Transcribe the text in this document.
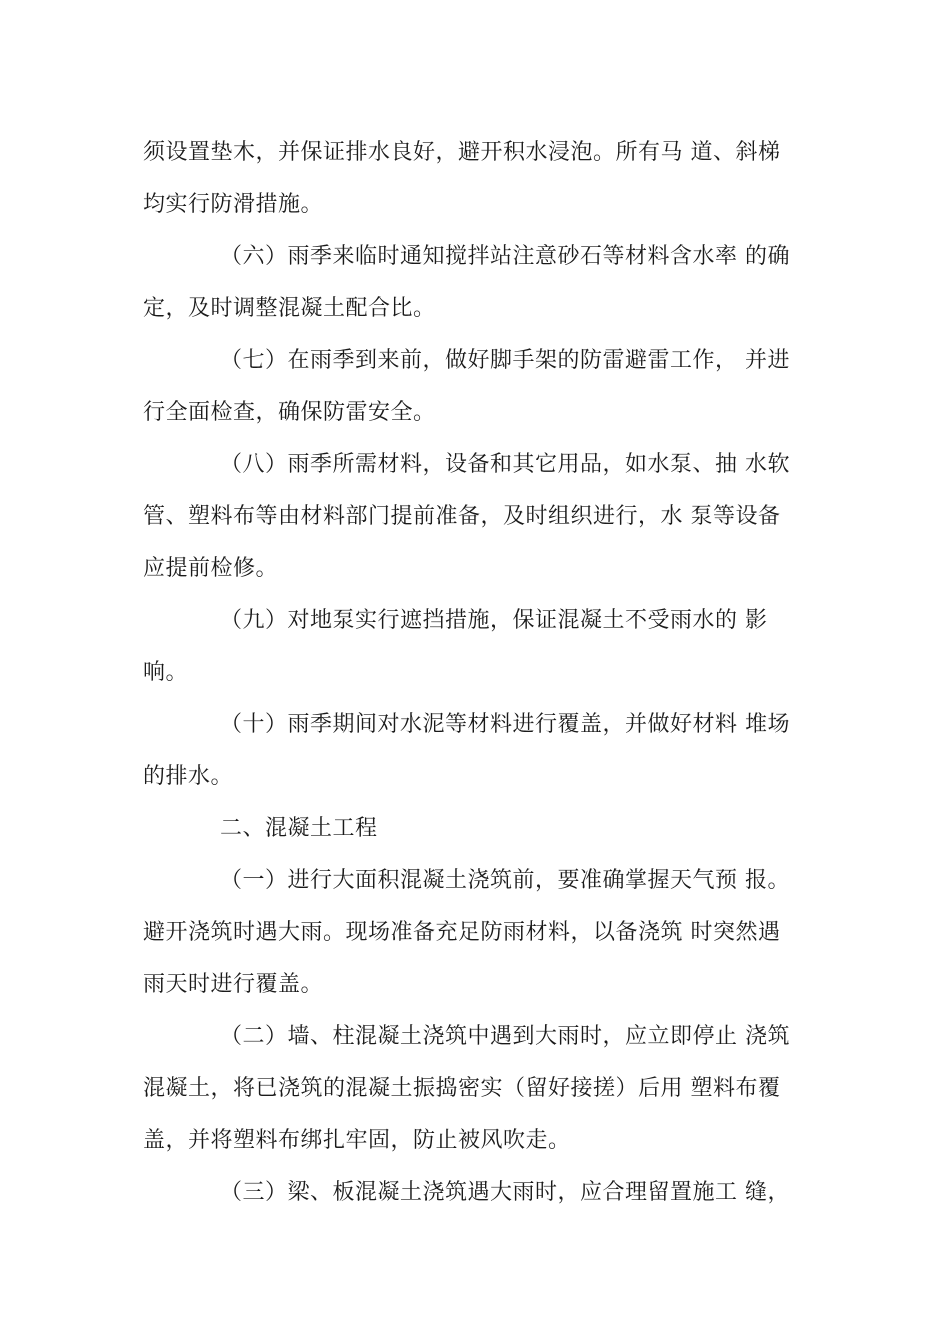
须设置垫木，并保证排水良好，避开积水浸泡。所有马 道、斜梯
均实行防滑措施。
（六）雨季来临时通知搅拌站注意砂石等材料含水率 的确
定，及时调整混凝土配合比。
（七）在雨季到来前，做好脚手架的防雷避雷工作， 并进
行全面检查，确保防雷安全。
（八）雨季所需材料，设备和其它用品，如水泵、抽 水软
管、塑料布等由材料部门提前准备，及时组织进行，水 泵等设备
应提前检修。
（九）对地泵实行遮挡措施，保证混凝土不受雨水的 影
响。
（十）雨季期间对水泥等材料进行覆盖，并做好材料 堆场
的排水。
二、混凝土工程
（一）进行大面积混凝土浇筑前，要准确掌握天气预 报。
避开浇筑时遇大雨。现场准备充足防雨材料，以备浇筑 时突然遇
雨天时进行覆盖。
（二）墙、柱混凝土浇筑中遇到大雨时，应立即停止 浇筑
混凝土，将已浇筑的混凝土振捣密实（留好接搓）后用 塑料布覆
盖，并将塑料布绑扎牢固，防止被风吹走。
（三）梁、板混凝土浇筑遇大雨时，应合理留置施工 缝，
